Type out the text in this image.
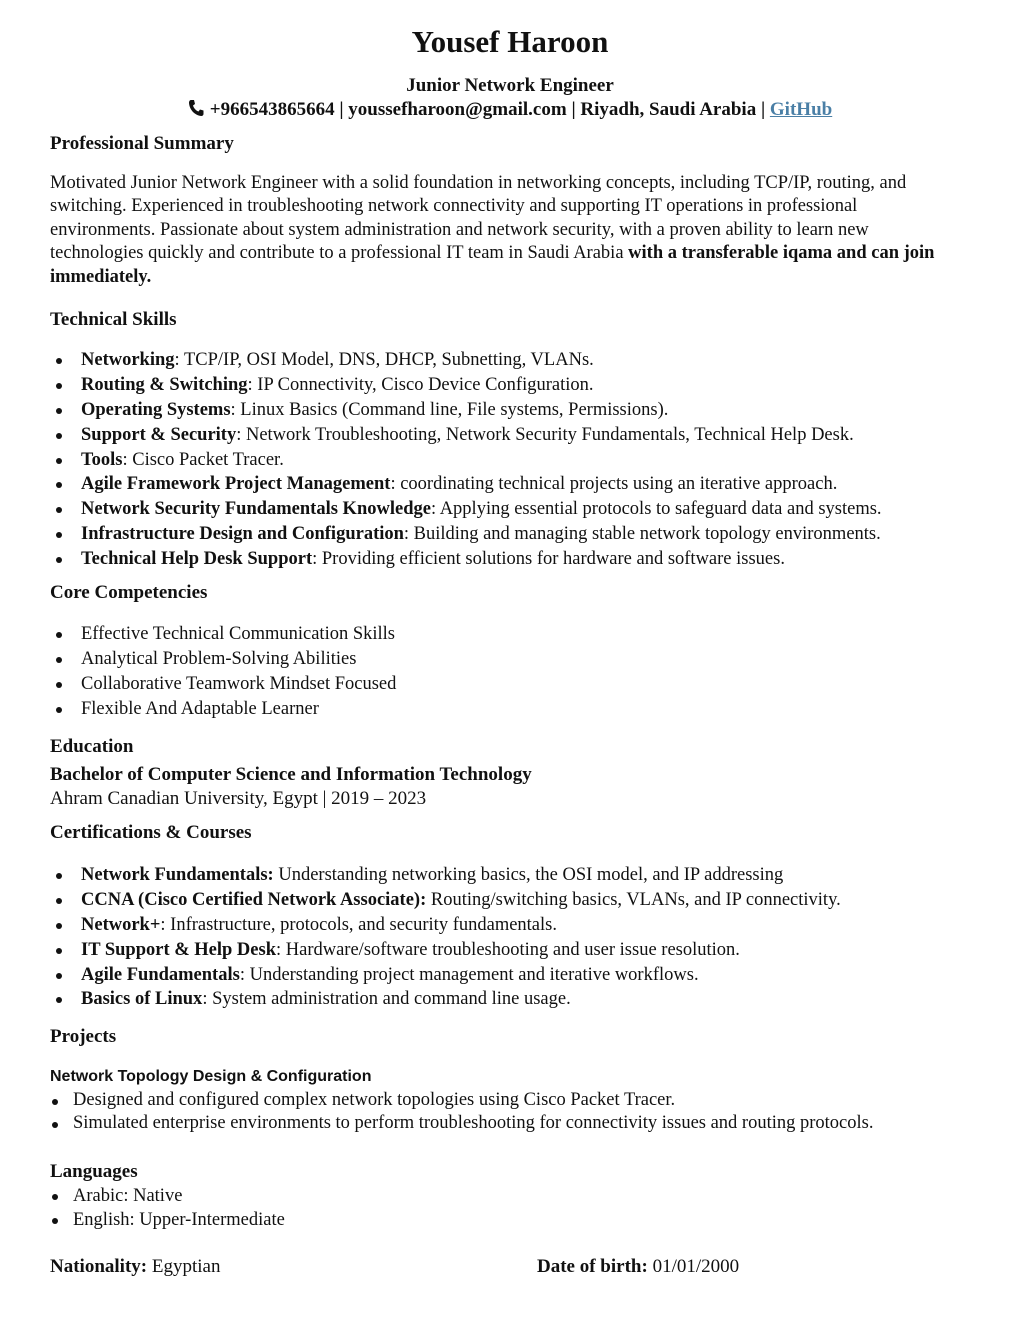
Yousef Haroon
Junior Network Engineer
+966543865664 | youssefharoon@gmail.com | Riyadh, Saudi Arabia | GitHub
Professional Summary
Motivated Junior Network Engineer with a solid foundation in networking concepts, including TCP/IP, routing, and switching. Experienced in troubleshooting network connectivity and supporting IT operations in professional environments. Passionate about system administration and network security, with a proven ability to learn new technologies quickly and contribute to a professional IT team in Saudi Arabia with a transferable iqama and can join immediately.
Technical Skills
Networking: TCP/IP, OSI Model, DNS, DHCP, Subnetting, VLANs.
Routing & Switching: IP Connectivity, Cisco Device Configuration.
Operating Systems: Linux Basics (Command line, File systems, Permissions).
Support & Security: Network Troubleshooting, Network Security Fundamentals, Technical Help Desk.
Tools: Cisco Packet Tracer.
Agile Framework Project Management: coordinating technical projects using an iterative approach.
Network Security Fundamentals Knowledge: Applying essential protocols to safeguard data and systems.
Infrastructure Design and Configuration: Building and managing stable network topology environments.
Technical Help Desk Support: Providing efficient solutions for hardware and software issues.
Core Competencies
Effective Technical Communication Skills
Analytical Problem-Solving Abilities
Collaborative Teamwork Mindset Focused
Flexible And Adaptable Learner
Education
Bachelor of Computer Science and Information Technology
Ahram Canadian University, Egypt | 2019 – 2023
Certifications & Courses
Network Fundamentals: Understanding networking basics, the OSI model, and IP addressing
CCNA (Cisco Certified Network Associate): Routing/switching basics, VLANs, and IP connectivity.
Network+: Infrastructure, protocols, and security fundamentals.
IT Support & Help Desk: Hardware/software troubleshooting and user issue resolution.
Agile Fundamentals: Understanding project management and iterative workflows.
Basics of Linux: System administration and command line usage.
Projects
Network Topology Design & Configuration
Designed and configured complex network topologies using Cisco Packet Tracer.
Simulated enterprise environments to perform troubleshooting for connectivity issues and routing protocols.
Languages
Arabic: Native
English: Upper-Intermediate
Nationality: Egyptian	Date of birth: 01/01/2000
